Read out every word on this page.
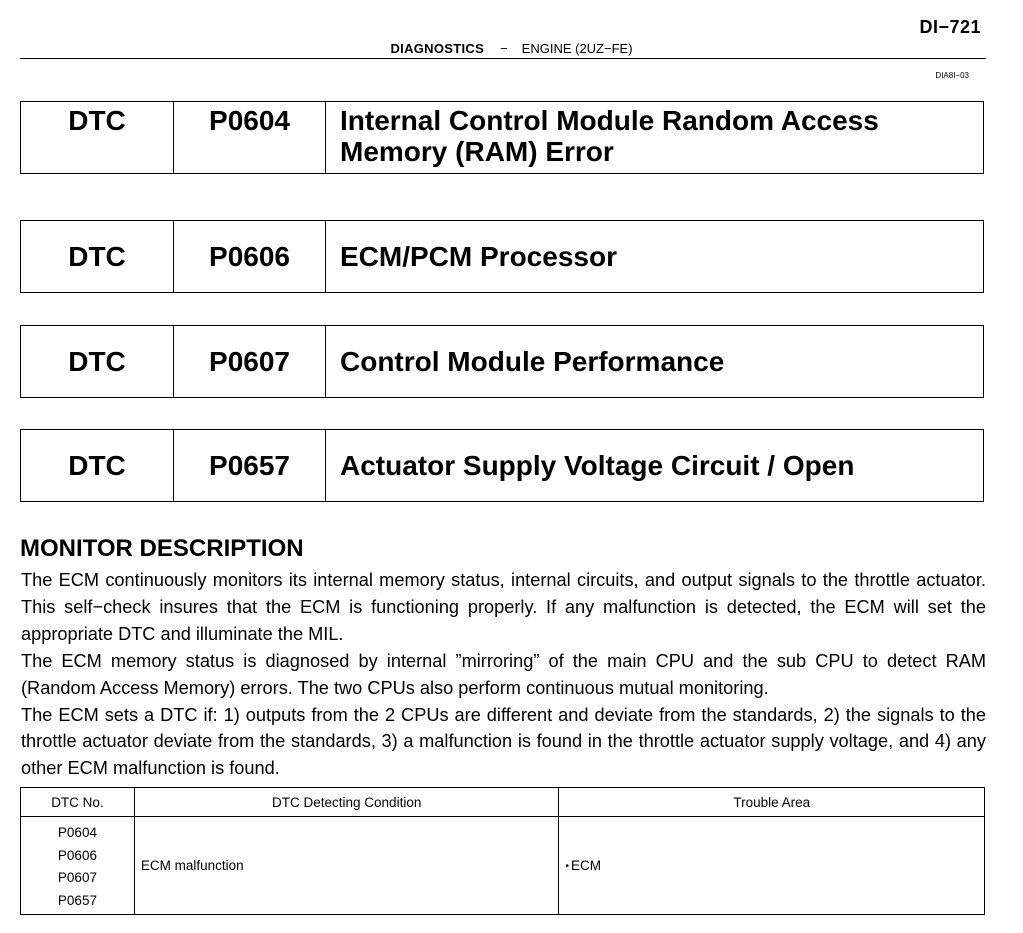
DI−721
DIAGNOSTICS − ENGINE (2UZ−FE)
DIA8I−03
DTC	P0604	Internal Control Module Random Access
Memory (RAM) Error
DTC	P0606	ECM/PCM Processor
DTC	P0607	Control Module Performance
DTC	P0657	Actuator Supply Voltage Circuit / Open
MONITOR DESCRIPTION

The ECM continuously monitors its internal memory status, internal circuits, and output signals to the throttle actuator. This self−check insures that the ECM is functioning properly. If any malfunction is detected, the ECM will set the appropriate DTC and illuminate the MIL.

The ECM memory status is diagnosed by internal ”mirroring” of the main CPU and the sub CPU to detect RAM (Random Access Memory) errors. The two CPUs also perform continuous mutual monitoring.

The ECM sets a DTC if: 1) outputs from the 2 CPUs are different and deviate from the standards, 2) the signals to the throttle actuator deviate from the standards, 3) a malfunction is found in the throttle actuator supply voltage, and 4) any other ECM malfunction is found.

DTC No.	DTC Detecting Condition	Trouble Area

P0604
P0606
P0607
P0657	ECM malfunction	• ECM
